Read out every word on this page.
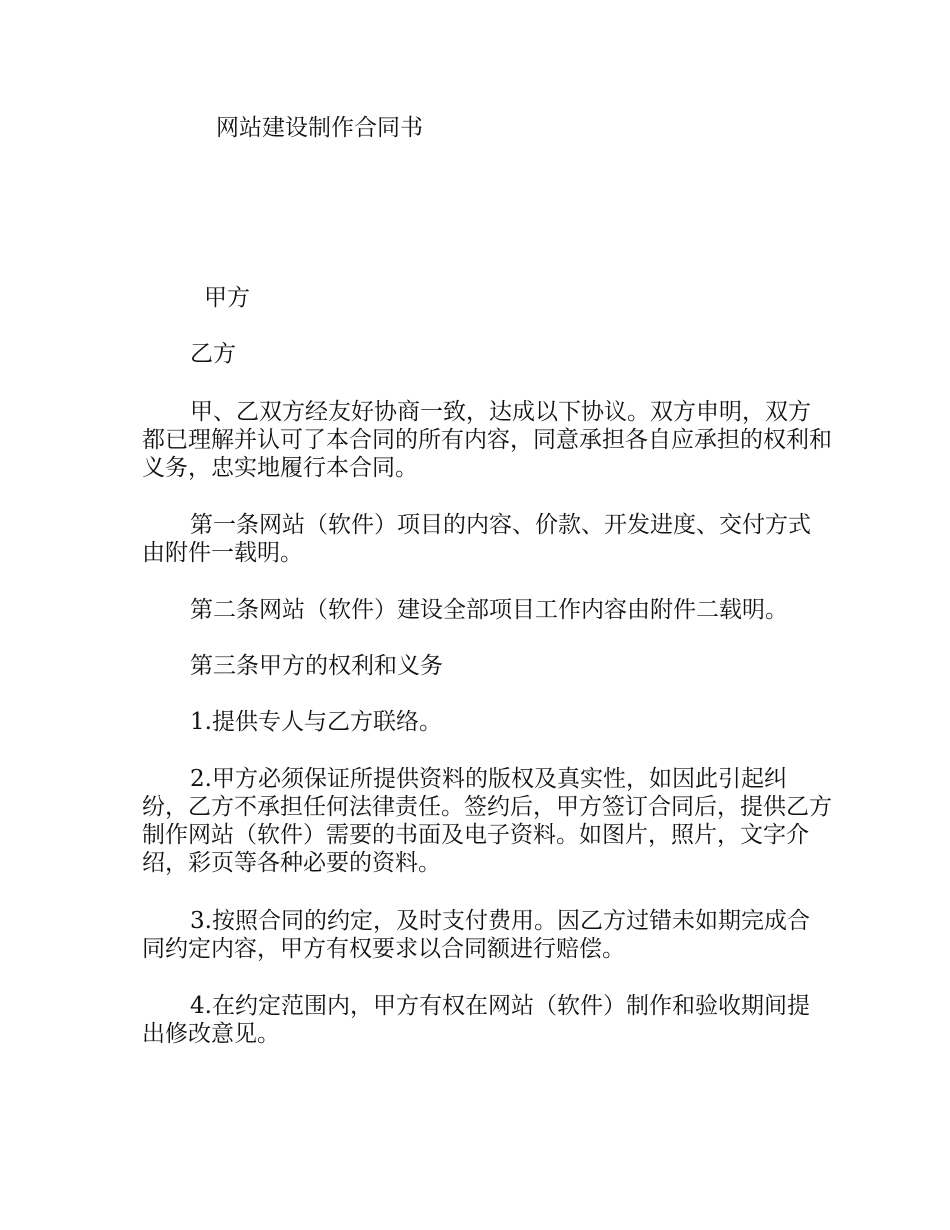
网站建设制作合同书
甲方
乙方

甲、乙双方经友好协商一致，达成以下协议。双方申明，双方都已理解并认可了本合同的所有内容，同意承担各自应承担的权利和义务，忠实地履行本合同。

第一条网站（软件）项目的内容、价款、开发进度、交付方式由附件一载明。

第二条网站（软件）建设全部项目工作内容由附件二载明。

第三条甲方的权利和义务

1.提供专人与乙方联络。

2.甲方必须保证所提供资料的版权及真实性，如因此引起纠纷，乙方不承担任何法律责任。签约后，甲方签订合同后，提供乙方制作网站（软件）需要的书面及电子资料。如图片，照片，文字介绍，彩页等各种必要的资料。

3.按照合同的约定，及时支付费用。因乙方过错未如期完成合同约定内容，甲方有权要求以合同额进行赔偿。

4.在约定范围内，甲方有权在网站（软件）制作和验收期间提出修改意见。
